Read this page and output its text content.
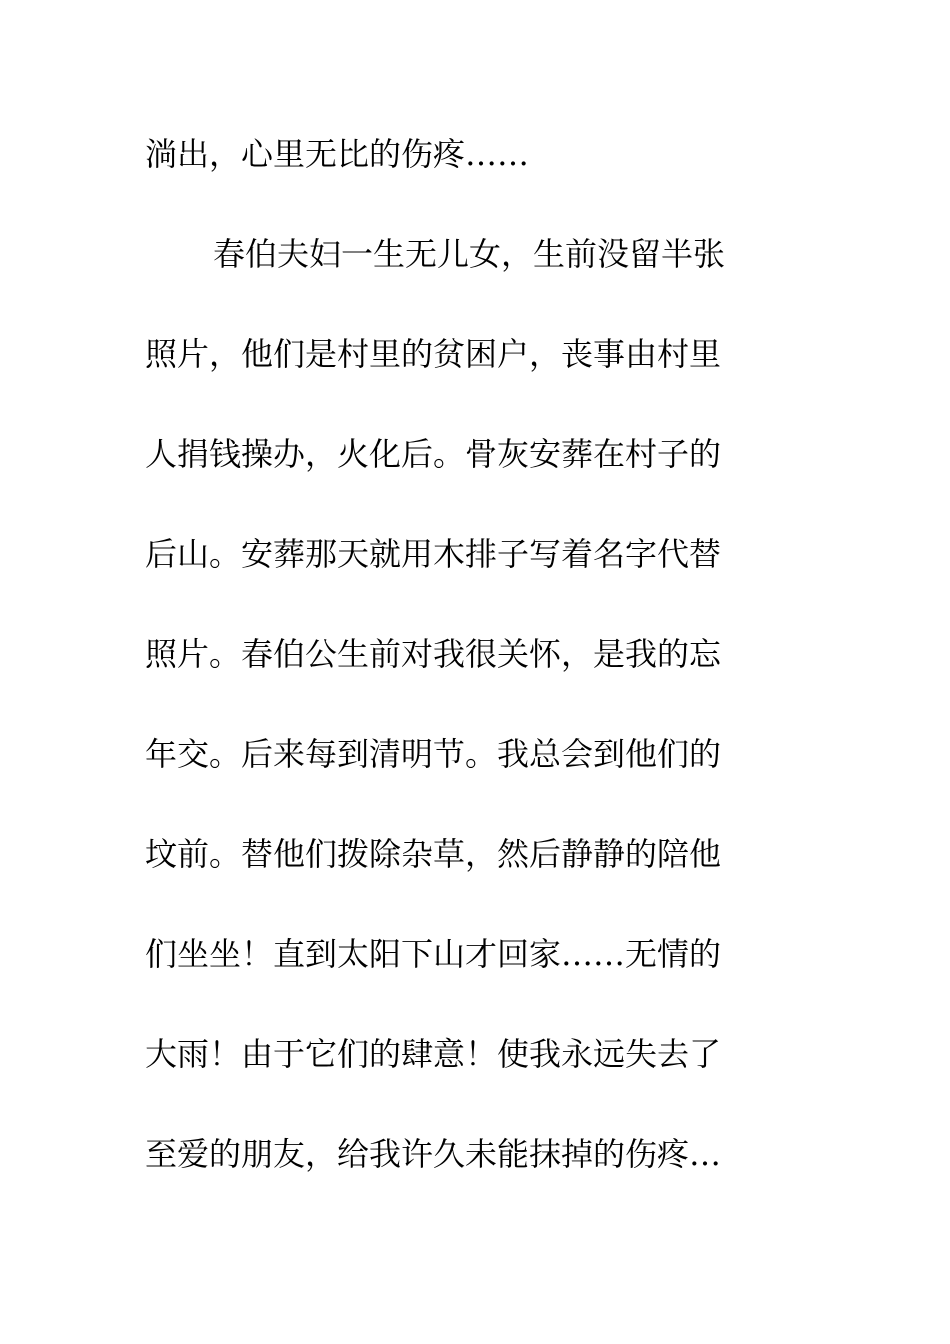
淌出，心里无比的伤疼……
春伯夫妇一生无儿女，生前没留半张
照片，他们是村里的贫困户，丧事由村里
人捐钱操办，火化后。骨灰安葬在村子的
后山。安葬那天就用木排子写着名字代替
照片。春伯公生前对我很关怀，是我的忘
年交。后来每到清明节。我总会到他们的
坟前。替他们拨除杂草，然后静静的陪他
们坐坐！直到太阳下山才回家……无情的
大雨！由于它们的肆意！使我永远失去了
至爱的朋友，给我许久未能抹掉的伤疼…
